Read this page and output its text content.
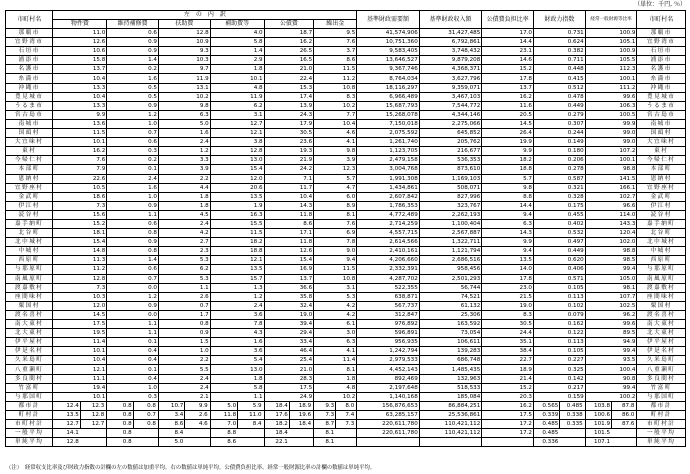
（単位：千円, ％）
市町村名	左　の　内　訳						基準財政需要額	基準財政収入額	公債費負担比率	財政力指数	経常一般財源等比率	市町村名
	物件費	維持補修費	扶助費	補助費等	公債費	繰出金						
那覇市	11.0	0.6	12.8	4.0	18.7	9.5	41,574,906	31,427,485	17.0	0.731	100.9	那覇市
宜野湾市	12.6	0.9	10.9	5.8	16.2	7.6	10,751,360	6,792,861	14.4	0.624	105.1	宜野湾市
石垣市	10.6	0.9	9.3	1.4	26.5	3.7	9,583,405	3,748,432	23.1	0.382	100.9	石垣市
浦添市	15.8	1.4	10.3	2.9	16.5	8.6	13,646,527	9,879,208	14.6	0.711	105.5	浦添市
名護市	13.7	0.2	9.7	1.8	21.0	11.5	9,367,746	4,368,371	15.2	0.448	112.3	名護市
糸満市	10.4	1.6	11.9	10.1	22.4	11.2	8,764,034	3,627,796	17.8	0.415	100.1	糸満市
沖縄市	13.3	0.5	13.1	4.8	15.3	10.8	18,116,297	9,359,071	13.7	0.512	111.2	沖縄市
豊見城市	10.4	0.5	10.2	11.9	17.4	8.3	6,966,489	3,467,103	16.2	0.478	99.6	豊見城市
うるま市	13.3	0.9	9.8	6.2	13.9	10.2	15,687,793	7,544,772	11.6	0.449	106.3	うるま市
宮古島市	9.9	1.2	6.3	3.1	24.3	7.7	15,268,078	4,344,146	20.5	0.279	100.5	宮古島市
南城市	13.6	1.0	5.0	12.7	17.9	10.4	7,150,018	2,275,066	14.5	0.307	99.9	南城市
国頭村	11.5	0.7	1.6	12.1	30.5	4.6	2,075,592	645,852	26.4	0.244	99.0	国頭村
大宜味村	10.1	0.6	2.4	3.8	23.6	4.1	1,261,740	205,762	19.9	0.149	99.0	大宜味村
東村	16.2	0.3	1.2	12.8	19.3	9.8	1,123,705	216,677	9.9	0.180	107.2	東村
今帰仁村	7.6	0.2	3.3	13.0	21.9	3.9	2,479,158	536,353	18.2	0.206	100.1	今帰仁村
本部町	7.9	0.1	3.9	15.4	24.2	12.3	3,004,768	873,610	18.8	0.278	98.8	本部町
恩納村	22.6	2.4	2.2	12.0	7.1	5.7	1,991,308	1,169,103	5.7	0.587	141.5	恩納村
宜野座村	10.5	1.6	4.4	20.6	11.7	4.7	1,434,861	508,071	9.8	0.321	166.1	宜野座村
金武町	18.6	1.0	1.8	13.5	10.4	6.0	2,607,842	827,996	8.8	0.328	102.7	金武町
伊江村	7.3	0.9	1.8	1.9	14.3	8.9	1,786,353	323,767	14.4	0.175	96.6	伊江村
読谷村	15.6	1.1	4.5	16.3	11.8	8.1	4,772,489	2,262,193	9.4	0.455	114.0	読谷村
嘉手納町	15.2	0.6	2.4	15.5	8.6	7.6	2,714,259	1,100,404	6.3	0.402	143.3	嘉手納町
北谷町	18.1	0.8	4.2	11.5	17.1	6.9	4,557,715	2,567,887	14.3	0.532	120.4	北谷町
北中城村	15.4	0.9	2.7	18.2	11.8	7.8	2,614,566	1,322,711	9.9	0.497	102.0	北中城村
中城村	14.8	0.8	2.3	18.8	12.6	9.0	2,410,161	1,121,794	9.4	0.449	98.8	中城村
西原町	11.3	1.4	5.3	12.1	15.4	9.4	4,206,660	2,686,516	13.5	0.620	98.5	西原町
与那原町	11.2	0.6	6.2	13.5	16.9	11.5	2,332,391	958,456	14.0	0.406	99.4	与那原町
南風原町	12.8	0.7	5.3	15.7	13.7	10.8	4,287,702	2,501,293	17.8	0.571	105.0	南風原町
渡嘉敷村	7.3	0.0	1.1	1.3	36.6	3.1	522,355	56,744	23.0	0.105	98.1	渡嘉敷村
座間味村	10.3	1.2	2.6	1.2	35.8	5.3	638,871	74,521	21.5	0.113	107.7	座間味村
粟国村	12.0	0.9	0.7	2.4	32.4	4.2	567,737	61,132	19.0	0.102	102.5	粟国村
渡名喜村	14.5	0.0	1.7	3.6	19.0	4.2	312,847	25,306	8.3	0.079	96.2	渡名喜村
南大東村	17.5	1.1	0.8	7.8	39.4	6.1	976,892	163,592	30.5	0.162	99.6	南大東村
北大東村	19.5	1.1	0.9	4.3	29.4	3.0	596,891	73,054	24.4	0.122	89.5	北大東村
伊平屋村	11.4	0.1	1.5	1.6	33.4	6.3	956,935	106,611	35.1	0.113	94.9	伊平屋村
伊是名村	10.1	0.4	1.0	3.6	46.4	4.1	1,242,794	139,283	38.4	0.105	99.4	伊是名村
久米島町	10.4	0.4	2.2	5.4	25.4	11.4	2,979,533	686,748	22.7	0.227	93.5	久米島町
八重瀬町	12.1	0.1	5.5	13.0	21.0	8.1	4,452,143	1,485,435	18.9	0.325	100.4	八重瀬町
多良間村	11.1	0.4	2.4	1.8	28.3	1.8	892,469	132,963	21.4	0.142	90.8	多良間村
竹富町	19.4	1.0	2.4	5.8	17.5	4.8	2,197,648	518,533	15.2	0.217	99.4	竹富町
与那国町	10.1	0.3	2.1	1.1	24.9	10.2	1,140,168	185,084	20.3	0.159	100.2	与那国町
都市計	12.4 12.3	0.8 0.8	10.7 9.9	5.0 5.9	18.4 18.9	9.3 8.0	156,876,653	86,884,251	16.2	0.565 0.485	103.8 87.8	都市計
町村計	13.5 12.8	0.8 0.7	3.4 2.6	11.8 11.0	17.6 19.6	7.3 7.4	63,285,157	25,536,861	17.5	0.339 0.338	100.6 86.0	町村計
市町村計	12.7 12.7	0.8 0.8	8.6 4.6	7.0 8.4	18.2 18.4	8.7 7.3	220,611,780	110,421,112	17.2	0.485 0.335	101.9 87.6	市町村計
一般平均	14.1	0.8	8.4	8.8	18.4	8.1	220,611,780	110,421,112	17.2	0.485	101.5	一般平均
単純平均	12.8	0.8	5.0	8.6	22.1	8.1				0.336	107.1	単純平均
（注）　経常収支比率及び財政力指数の計欄の左の数値は加重平均。右の数値は単純平均。公債費負担比率、経常一般財源比率の計欄の数値は単純平均。
